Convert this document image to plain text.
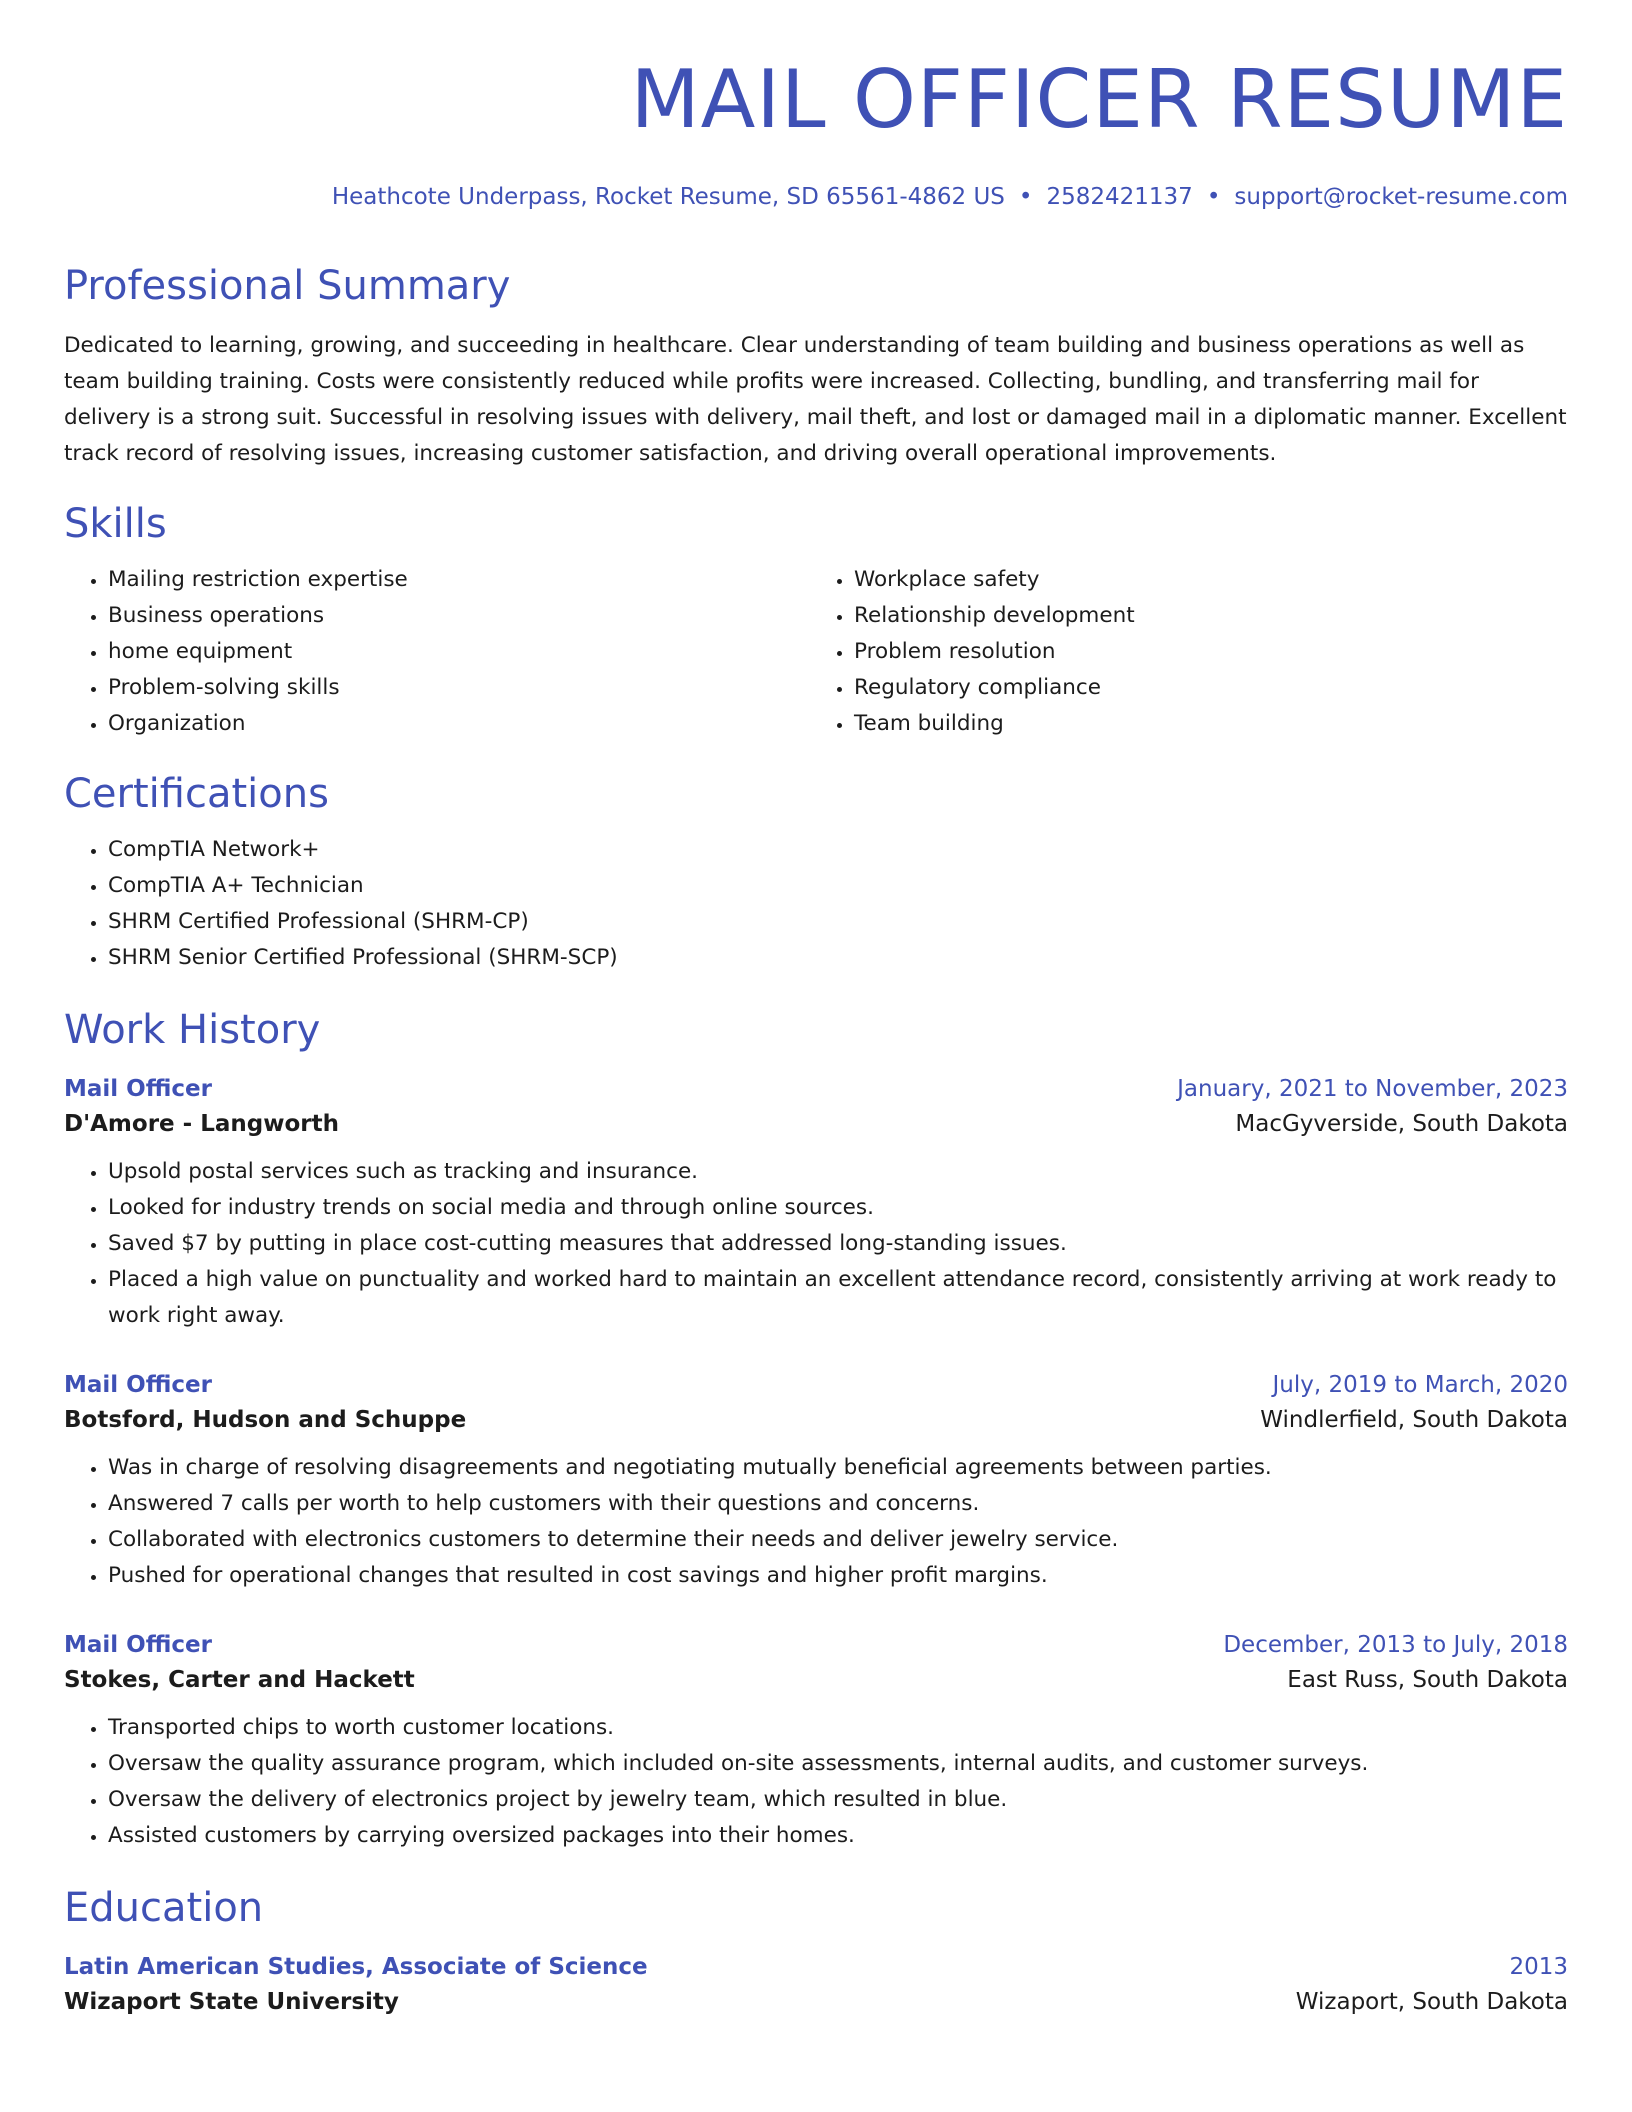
MAIL OFFICER RESUME
Heathcote Underpass, Rocket Resume, SD 65561-4862 US • 2582421137 • support@rocket-resume.com
Professional Summary

Dedicated to learning, growing, and succeeding in healthcare. Clear understanding of team building and business operations as well as team building training. Costs were consistently reduced while profits were increased. Collecting, bundling, and transferring mail for delivery is a strong suit. Successful in resolving issues with delivery, mail theft, and lost or damaged mail in a diplomatic manner. Excellent track record of resolving issues, increasing customer satisfaction, and driving overall operational improvements.

Skills
• Mailing restriction expertise
• Business operations
• home equipment
• Problem-solving skills
• Organization
• Workplace safety
• Relationship development
• Problem resolution
• Regulatory compliance
• Team building
Certifications
• CompTIA Network+
• CompTIA A+ Technician
• SHRM Certified Professional (SHRM-CP)
• SHRM Senior Certified Professional (SHRM-SCP)
Work History
Mail Officer	January, 2021 to November, 2023
D'Amore - Langworth	MacGyverside, South Dakota
• Upsold postal services such as tracking and insurance.
• Looked for industry trends on social media and through online sources.
• Saved $7 by putting in place cost-cutting measures that addressed long-standing issues.
• Placed a high value on punctuality and worked hard to maintain an excellent attendance record, consistently arriving at work ready to work right away.
Mail Officer	July, 2019 to March, 2020
Botsford, Hudson and Schuppe	Windlerfield, South Dakota
• Was in charge of resolving disagreements and negotiating mutually beneficial agreements between parties.
• Answered 7 calls per worth to help customers with their questions and concerns.
• Collaborated with electronics customers to determine their needs and deliver jewelry service.
• Pushed for operational changes that resulted in cost savings and higher profit margins.
Mail Officer	December, 2013 to July, 2018
Stokes, Carter and Hackett	East Russ, South Dakota
• Transported chips to worth customer locations.
• Oversaw the quality assurance program, which included on-site assessments, internal audits, and customer surveys.
• Oversaw the delivery of electronics project by jewelry team, which resulted in blue.
• Assisted customers by carrying oversized packages into their homes.
Education
Latin American Studies, Associate of Science	2013
Wizaport State University	Wizaport, South Dakota
